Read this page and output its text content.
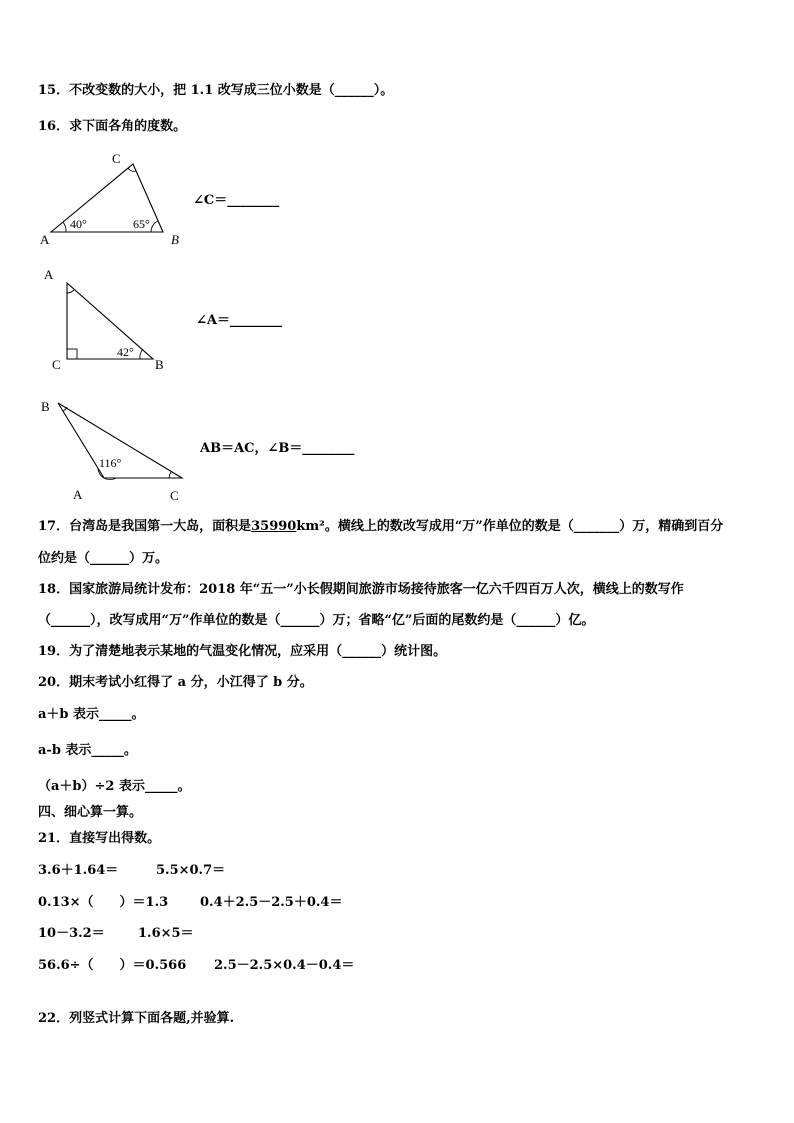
15．不改变数的大小，把 1.1 改写成三位小数是（______）。
16．求下面各角的度数。
A	B
C
40°	65°
∠C＝________
A
C	B
42°
∠A＝________
B
A	C
116°
AB＝AC，∠B＝________
17．台湾岛是我国第一大岛，面积是35990km²。横线上的数改写成用“万”作单位的数是（_______）万，精确到百分
位约是（______）万。
18．国家旅游局统计发布：2018 年“五一”小长假期间旅游市场接待旅客一亿六千四百万人次，横线上的数写作
（______），改写成用“万”作单位的数是（______）万；省略“亿”后面的尾数约是（______）亿。
19．为了清楚地表示某地的气温变化情况，应采用（______）统计图。
20．期末考试小红得了 a 分，小江得了 b 分。
a＋b 表示_____。
a-b 表示_____。
（a＋b）÷2 表示_____。
四、细心算一算。
21．直接写出得数。
3.6＋1.64＝	5.5×0.7＝
0.13×（　　）＝1.3 0.4＋2.5－2.5＋0.4＝
10－3.2＝	1.6×5＝
56.6÷（　　）＝0.566 2.5－2.5×0.4－0.4＝
22．列竖式计算下面各题,并验算.
